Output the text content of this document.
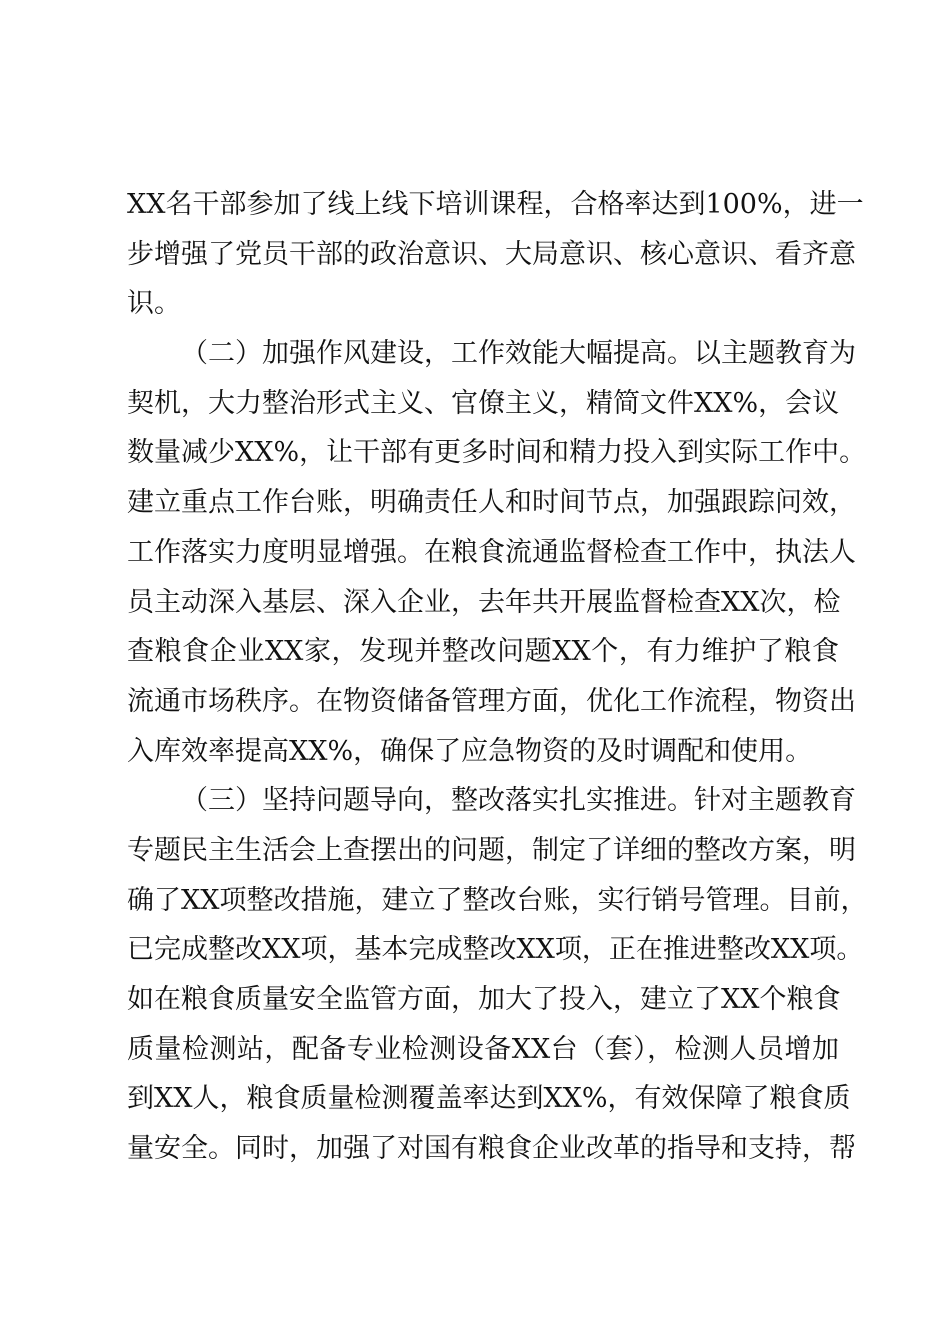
XX名干部参加了线上线下培训课程，合格率达到100%，进一
步增强了党员干部的政治意识、大局意识、核心意识、看齐意
识。
（二）加强作风建设，工作效能大幅提高。以主题教育为
契机，大力整治形式主义、官僚主义，精简文件XX%，会议
数量减少XX%，让干部有更多时间和精力投入到实际工作中。
建立重点工作台账，明确责任人和时间节点，加强跟踪问效，
工作落实力度明显增强。在粮食流通监督检查工作中，执法人
员主动深入基层、深入企业，去年共开展监督检查XX次，检
查粮食企业XX家，发现并整改问题XX个，有力维护了粮食
流通市场秩序。在物资储备管理方面，优化工作流程，物资出
入库效率提高XX%，确保了应急物资的及时调配和使用。
（三）坚持问题导向，整改落实扎实推进。针对主题教育
专题民主生活会上查摆出的问题，制定了详细的整改方案，明
确了XX项整改措施，建立了整改台账，实行销号管理。目前，
已完成整改XX项，基本完成整改XX项，正在推进整改XX项。
如在粮食质量安全监管方面，加大了投入，建立了XX个粮食
质量检测站，配备专业检测设备XX台（套），检测人员增加
到XX人，粮食质量检测覆盖率达到XX%，有效保障了粮食质
量安全。同时，加强了对国有粮食企业改革的指导和支持，帮
